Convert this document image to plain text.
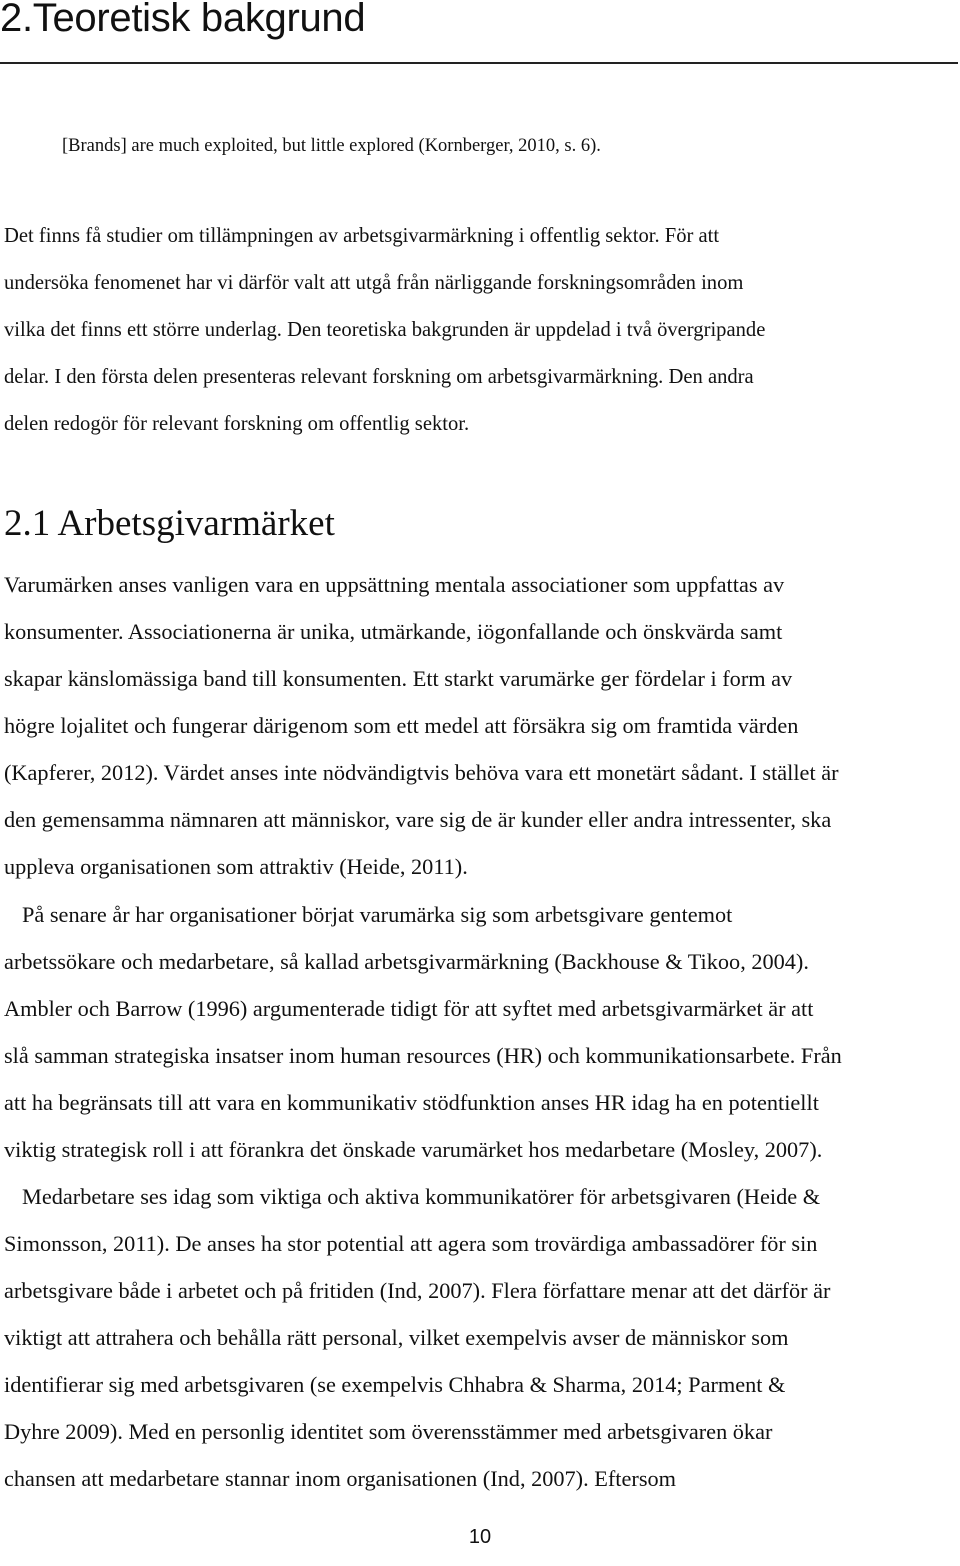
2.Teoretisk bakgrund
[Brands] are much exploited, but little explored (Kornberger, 2010, s. 6).
Det finns få studier om tillämpningen av arbetsgivarmärkning i offentlig sektor. För att
undersöka fenomenet har vi därför valt att utgå från närliggande forskningsområden inom
vilka det finns ett större underlag. Den teoretiska bakgrunden är uppdelad i två övergripande
delar. I den första delen presenteras relevant forskning om arbetsgivarmärkning. Den andra
delen redogör för relevant forskning om offentlig sektor.
2.1 Arbetsgivarmärket
Varumärken anses vanligen vara en uppsättning mentala associationer som uppfattas av
konsumenter. Associationerna är unika, utmärkande, iögonfallande och önskvärda samt
skapar känslomässiga band till konsumenten. Ett starkt varumärke ger fördelar i form av
högre lojalitet och fungerar därigenom som ett medel att försäkra sig om framtida värden
(Kapferer, 2012). Värdet anses inte nödvändigtvis behöva vara ett monetärt sådant. I stället är
den gemensamma nämnaren att människor, vare sig de är kunder eller andra intressenter, ska
uppleva organisationen som attraktiv (Heide, 2011).
På senare år har organisationer börjat varumärka sig som arbetsgivare gentemot
arbetssökare och medarbetare, så kallad arbetsgivarmärkning (Backhouse & Tikoo, 2004).
Ambler och Barrow (1996) argumenterade tidigt för att syftet med arbetsgivarmärket är att
slå samman strategiska insatser inom human resources (HR) och kommunikationsarbete. Från
att ha begränsats till att vara en kommunikativ stödfunktion anses HR idag ha en potentiellt
viktig strategisk roll i att förankra det önskade varumärket hos medarbetare (Mosley, 2007).
Medarbetare ses idag som viktiga och aktiva kommunikatörer för arbetsgivaren (Heide &
Simonsson, 2011). De anses ha stor potential att agera som trovärdiga ambassadörer för sin
arbetsgivare både i arbetet och på fritiden (Ind, 2007). Flera författare menar att det därför är
viktigt att attrahera och behålla rätt personal, vilket exempelvis avser de människor som
identifierar sig med arbetsgivaren (se exempelvis Chhabra & Sharma, 2014; Parment &
Dyhre 2009). Med en personlig identitet som överensstämmer med arbetsgivaren ökar
chansen att medarbetare stannar inom organisationen (Ind, 2007). Eftersom
10
